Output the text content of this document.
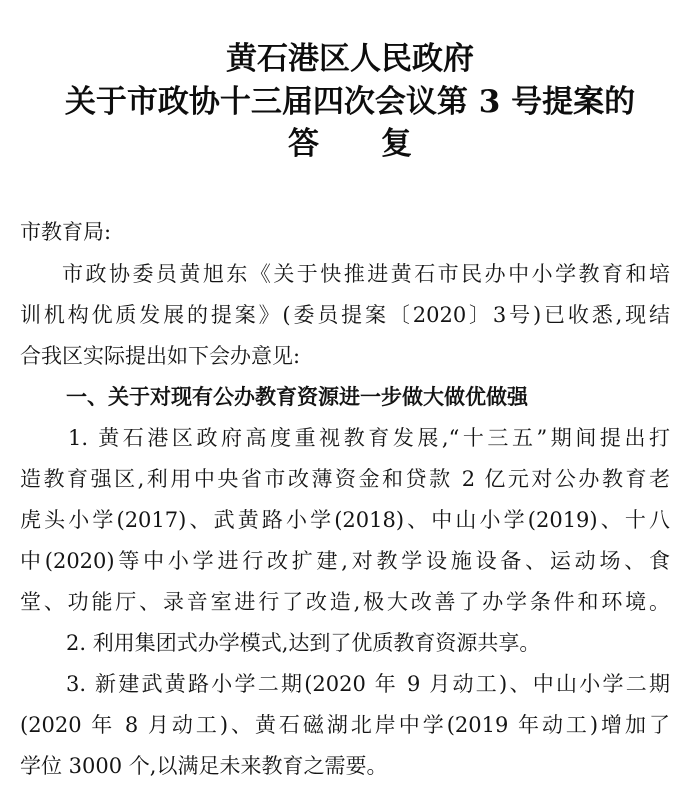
黄石港区人民政府
关于市政协十三届四次会议第 3 号提案的
答复
市教育局:
市政协委员黄旭东《关于快推进黄石市民办中小学教育和培
训机构优质发展的提案》(委员提案〔2020〕3号)已收悉,现结
合我区实际提出如下会办意见:
一、关于对现有公办教育资源进一步做大做优做强
1. 黄石港区政府高度重视教育发展,“十三五”期间提出打
造教育强区,利用中央省市改薄资金和贷款 2 亿元对公办教育老
虎头小学(2017)、武黄路小学(2018)、中山小学(2019)、十八
中(2020)等中小学进行改扩建,对教学设施设备、运动场、食
堂、功能厅、录音室进行了改造,极大改善了办学条件和环境。
2. 利用集团式办学模式,达到了优质教育资源共享。
3. 新建武黄路小学二期(2020 年 9 月动工)、中山小学二期
(2020 年 8 月动工)、黄石磁湖北岸中学(2019 年动工)增加了
学位 3000 个,以满足未来教育之需要。
